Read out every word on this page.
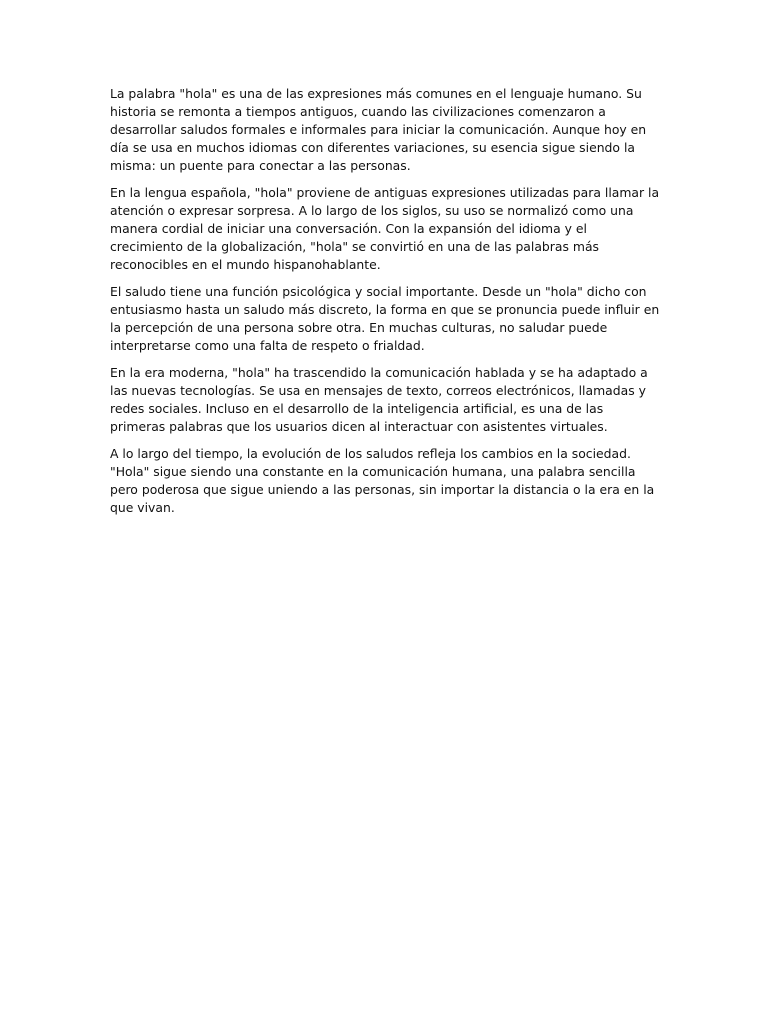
La palabra "hola" es una de las expresiones más comunes en el lenguaje humano. Su historia se remonta a tiempos antiguos, cuando las civilizaciones comenzaron a desarrollar saludos formales e informales para iniciar la comunicación. Aunque hoy en día se usa en muchos idiomas con diferentes variaciones, su esencia sigue siendo la misma: un puente para conectar a las personas.

En la lengua española, "hola" proviene de antiguas expresiones utilizadas para llamar la atención o expresar sorpresa. A lo largo de los siglos, su uso se normalizó como una manera cordial de iniciar una conversación. Con la expansión del idioma y el crecimiento de la globalización, "hola" se convirtió en una de las palabras más reconocibles en el mundo hispanohablante.

El saludo tiene una función psicológica y social importante. Desde un "hola" dicho con entusiasmo hasta un saludo más discreto, la forma en que se pronuncia puede influir en la percepción de una persona sobre otra. En muchas culturas, no saludar puede interpretarse como una falta de respeto o frialdad.

En la era moderna, "hola" ha trascendido la comunicación hablada y se ha adaptado a las nuevas tecnologías. Se usa en mensajes de texto, correos electrónicos, llamadas y redes sociales. Incluso en el desarrollo de la inteligencia artificial, es una de las primeras palabras que los usuarios dicen al interactuar con asistentes virtuales.

A lo largo del tiempo, la evolución de los saludos refleja los cambios en la sociedad. "Hola" sigue siendo una constante en la comunicación humana, una palabra sencilla pero poderosa que sigue uniendo a las personas, sin importar la distancia o la era en la que vivan.
